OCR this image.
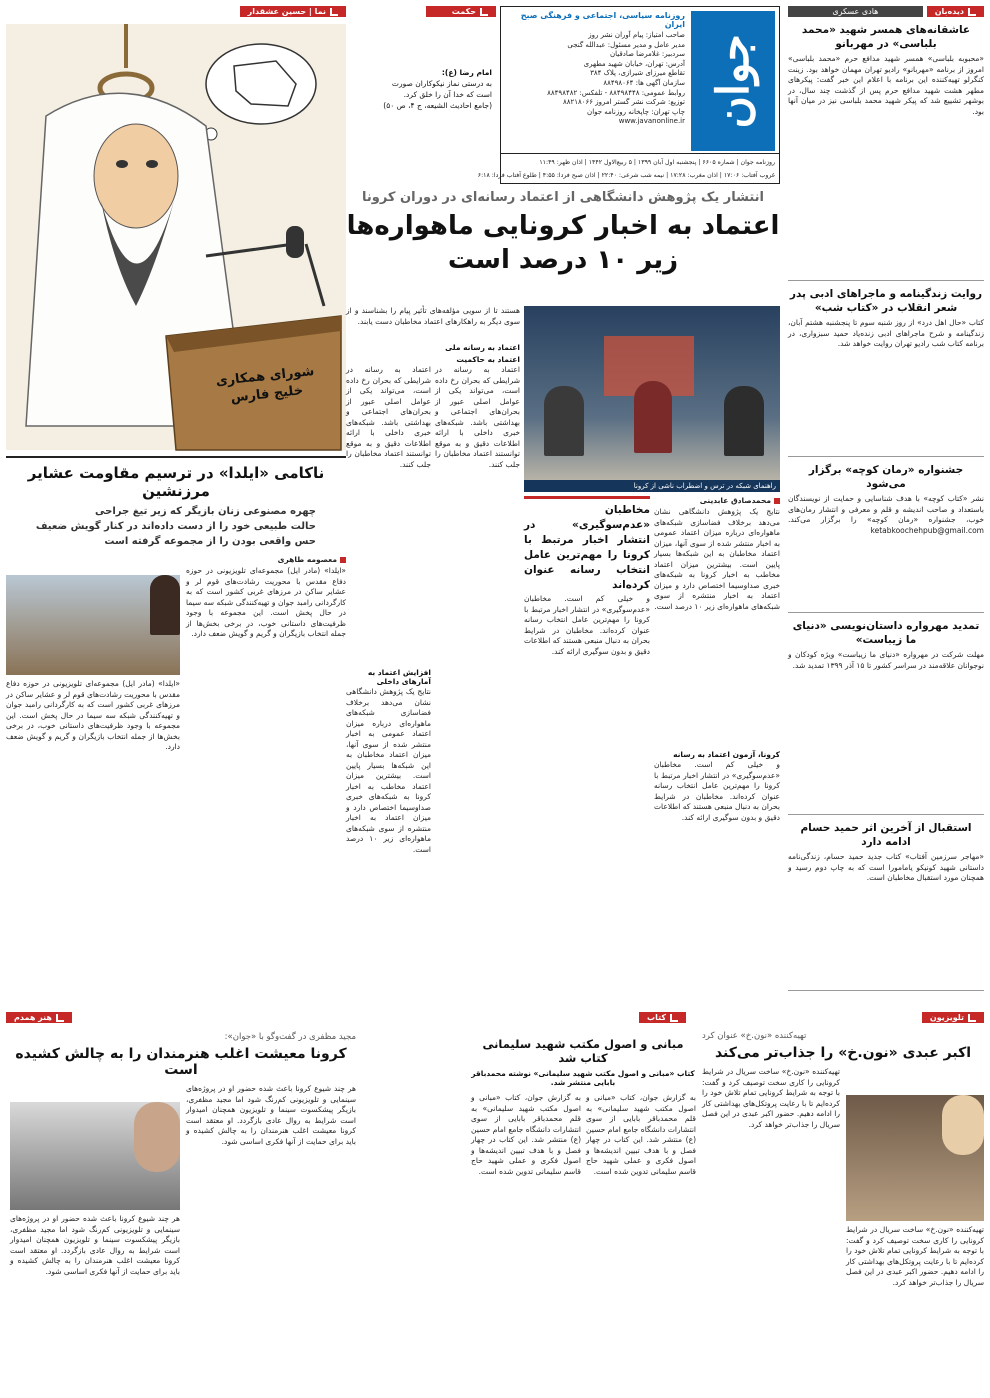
جوان
روزنامه سیاسی، اجتماعی و فرهنگی صبح ایران
صاحب امتیاز: پیام آوران نشر روز
مدیر عامل و مدیر مسئول: عبدالله گنجی
سردبیر: غلامرضا صادقیان
آدرس: تهران، خیابان شهید مطهری
تقاطع میرزای شیرازی، پلاک ۳۸۴
سازمان آگهی ها: ۸۸۴۹۸۰۶۴
روابط عمومی: ۸۸۴۹۸۴۴۸ - تلفکس: ۸۸۴۹۸۴۸۲
توزیع: شرکت نشر گستر امروز ۸۸۲۱۸۰۶۶
چاپ تهران: چاپخانه روزنامه جوان
www.javanonline.ir
روزنامه جوان | شماره ۶۶۰۵ | پنجشنبه اول آبان ۱۳۹۹ | ۵ ربیع‌الاول ۱۴۴۲ | اذان ظهر: ۱۱:۴۹
غروب آفتاب: ۱۷:۰۶ | اذان مغرب: ۱۷:۲۸ | نیمه شب شرعی: ۲۲:۴۰ | اذان صبح فردا: ۴:۵۵ | طلوع آفتاب فردا: ۶:۱۸
حکمت
امام رضا (ع):
به درستی نماز نیکوکاران صورت است که خدا آن را خلق کرد.
(جامع احادیث الشیعه، ج ۴، ص ۵۰)
نما | حسین عشقدار
شورای همکاری خلیج فارس
دیده‌بان
هادی عسکری
عاشقانه‌های همسر شهید «محمد بلباسی» در مهربانو
«محبوبه بلباسی» همسر شهید مدافع حرم «محمد بلباسی» امروز از برنامه «مهربانو» رادیو تهران مهمان خواهد بود. زینت کنگرلو تهیه‌کننده این برنامه با اعلام این خبر گفت: پیکرهای مطهر هشت شهید مدافع حرم پس از گذشت چند سال، در بوشهر تشییع شد که پیکر شهید محمد بلباسی نیز در میان آنها بود.
روایت زندگینامه و ماجراهای ادبی پدر شعر انقلاب در «کتاب شب»
کتاب «حال اهل درد» از روز شنبه سوم تا پنجشنبه هشتم آبان، زندگینامه و شرح ماجراهای ادبی زنده‌یاد حمید سبزواری، در برنامه کتاب شب رادیو تهران روایت خواهد شد.
جشنواره «رمان کوچه» برگزار می‌شود
نشر «کتاب کوچه» با هدف شناسایی و حمایت از نویسندگان باستعداد و صاحب اندیشه و قلم و معرفی و انتشار رمان‌های خوب، جشنواره «رمان کوچه» را برگزار می‌کند. ketabkoochehpub@gmail.com
تمدید مهرواره داستان‌نویسی «دنیای ما زیباست»
مهلت شرکت در مهرواره «دنیای ما زیباست» ویژه کودکان و نوجوانان علاقه‌مند در سراسر کشور تا ۱۵ آذر ۱۳۹۹ تمدید شد.
استقبال از آخرین اثر حمید حسام ادامه دارد
«مهاجر سرزمین آفتاب» کتاب جدید حمید حسام، زندگی‌نامه داستانی شهید کونیکو یامامورا است که به چاپ دوم رسید و همچنان مورد استقبال مخاطبان است.
انتشار یک پژوهش دانشگاهی از اعتماد رسانه‌ای در دوران کرونا
اعتماد به اخبار کرونایی ماهواره‌ها
زیر ۱۰ درصد است
راهنمای شبکه در ترس و اضطراب ناشی از کرونا
محمدصادق عابدینی
نتایج یک پژوهش دانشگاهی نشان می‌دهد برخلاف فضاسازی شبکه‌های ماهواره‌ای درباره میزان اعتماد عمومی به اخبار منتشر شده از سوی آنها، میزان اعتماد مخاطبان به این شبکه‌ها بسیار پایین است. بیشترین میزان اعتماد مخاطب به اخبار کرونا به شبکه‌های خبری صداوسیما اختصاص دارد و میزان اعتماد به اخبار منتشره از سوی شبکه‌های ماهواره‌ای زیر ۱۰ درصد است.
کرونا، آزمون اعتماد به رسانه
و خیلی کم است. مخاطبان «عدم‌سوگیری» در انتشار اخبار مرتبط با کرونا را مهم‌ترین عامل انتخاب رسانه عنوان کرده‌اند. مخاطبان در شرایط بحران به دنبال منبعی هستند که اطلاعات دقیق و بدون سوگیری ارائه کند.
مخاطبان «عدم‌سوگیری» در انتشار اخبار مرتبط با کرونا را مهم‌ترین عامل انتخاب رسانه عنوان کرده‌اند
و خیلی کم است. مخاطبان «عدم‌سوگیری» در انتشار اخبار مرتبط با کرونا را مهم‌ترین عامل انتخاب رسانه عنوان کرده‌اند. مخاطبان در شرایط بحران به دنبال منبعی هستند که اطلاعات دقیق و بدون سوگیری ارائه کند.
هستند تا از سویی مؤلفه‌های تأثیر پیام را بشناسند و از سوی دیگر به راهکارهای اعتماد مخاطبان دست یابند.
اعتماد به رسانه ملی
اعتماد به حاکمیت
اعتماد به رسانه در شرایطی که بحران رخ داده است، می‌تواند یکی از عوامل اصلی عبور از بحران‌های اجتماعی و بهداشتی باشد. شبکه‌های خبری داخلی با ارائه اطلاعات دقیق و به موقع توانستند اعتماد مخاطبان را جلب کنند.
اعتماد به رسانه در شرایطی که بحران رخ داده است، می‌تواند یکی از عوامل اصلی عبور از بحران‌های اجتماعی و بهداشتی باشد. شبکه‌های خبری داخلی با ارائه اطلاعات دقیق و به موقع توانستند اعتماد مخاطبان را جلب کنند.
افزایش اعتماد به آمارهای داخلی
نتایج یک پژوهش دانشگاهی نشان می‌دهد برخلاف فضاسازی شبکه‌های ماهواره‌ای درباره میزان اعتماد عمومی به اخبار منتشر شده از سوی آنها، میزان اعتماد مخاطبان به این شبکه‌ها بسیار پایین است. بیشترین میزان اعتماد مخاطب به اخبار کرونا به شبکه‌های خبری صداوسیما اختصاص دارد و میزان اعتماد به اخبار منتشره از سوی شبکه‌های ماهواره‌ای زیر ۱۰ درصد است.
ناکامی «ایلدا» در ترسیم مقاومت عشایر مرزنشین
چهره مصنوعی زنان بازیگر که زیر تیغ جراحی
حالت طبیعی خود را از دست داده‌اند در کنار گویش ضعیف
حس واقعی بودن را از مجموعه گرفته است
معصومه طاهری
«ایلدا» (مادر ایل) مجموعه‌ای تلویزیونی در حوزه دفاع مقدس با محوریت رشادت‌های قوم لر و عشایر ساکن در مرزهای غربی کشور است که به کارگردانی رامبد جوان و تهیه‌کنندگی شبکه سه سیما در حال پخش است. این مجموعه با وجود ظرفیت‌های داستانی خوب، در برخی بخش‌ها از جمله انتخاب بازیگران و گریم و گویش ضعف دارد.
«ایلدا» (مادر ایل) مجموعه‌ای تلویزیونی در حوزه دفاع مقدس با محوریت رشادت‌های قوم لر و عشایر ساکن در مرزهای غربی کشور است که به کارگردانی رامبد جوان و تهیه‌کنندگی شبکه سه سیما در حال پخش است. این مجموعه با وجود ظرفیت‌های داستانی خوب، در برخی بخش‌ها از جمله انتخاب بازیگران و گریم و گویش ضعف دارد.
تلویزیون
تهیه‌کننده «نون.خ» عنوان کرد
اکبر عبدی «نون.خ» را جذاب‌تر می‌کند
تهیه‌کننده «نون.خ» ساخت سریال در شرایط کرونایی را کاری سخت توصیف کرد و گفت: با توجه به شرایط کرونایی تمام تلاش خود را کرده‌ایم تا با رعایت پروتکل‌های بهداشتی کار را ادامه دهیم. حضور اکبر عبدی در این فصل سریال را جذاب‌تر خواهد کرد.
تهیه‌کننده «نون.خ» ساخت سریال در شرایط کرونایی را کاری سخت توصیف کرد و گفت: با توجه به شرایط کرونایی تمام تلاش خود را کرده‌ایم تا با رعایت پروتکل‌های بهداشتی کار را ادامه دهیم. حضور اکبر عبدی در این فصل سریال را جذاب‌تر خواهد کرد.
کتاب
مبانی و اصول مکتب شهید سلیمانی کتاب شد
کتاب «مبانی و اصول مکتب شهید سلیمانی» نوشته محمدباقر بابایی منتشر شد.
به گزارش جوان، کتاب «مبانی و اصول مکتب شهید سلیمانی» به قلم محمدباقر بابایی از سوی انتشارات دانشگاه جامع امام حسین (ع) منتشر شد. این کتاب در چهار فصل و با هدف تبیین اندیشه‌ها و اصول فکری و عملی شهید حاج قاسم سلیمانی تدوین شده است.
به گزارش جوان، کتاب «مبانی و اصول مکتب شهید سلیمانی» به قلم محمدباقر بابایی از سوی انتشارات دانشگاه جامع امام حسین (ع) منتشر شد. این کتاب در چهار فصل و با هدف تبیین اندیشه‌ها و اصول فکری و عملی شهید حاج قاسم سلیمانی تدوین شده است.
هنر همدم
مجید مظفری در گفت‌وگو با «جوان»:
کرونا معیشت اغلب هنرمندان را به چالش کشیده است
هر چند شیوع کرونا باعث شده حضور او در پروژه‌های سینمایی و تلویزیونی کم‌رنگ شود اما مجید مظفری، بازیگر پیشکسوت سینما و تلویزیون همچنان امیدوار است شرایط به روال عادی بازگردد. او معتقد است کرونا معیشت اغلب هنرمندان را به چالش کشیده و باید برای حمایت از آنها فکری اساسی شود.
هر چند شیوع کرونا باعث شده حضور او در پروژه‌های سینمایی و تلویزیونی کم‌رنگ شود اما مجید مظفری، بازیگر پیشکسوت سینما و تلویزیون همچنان امیدوار است شرایط به روال عادی بازگردد. او معتقد است کرونا معیشت اغلب هنرمندان را به چالش کشیده و باید برای حمایت از آنها فکری اساسی شود.
